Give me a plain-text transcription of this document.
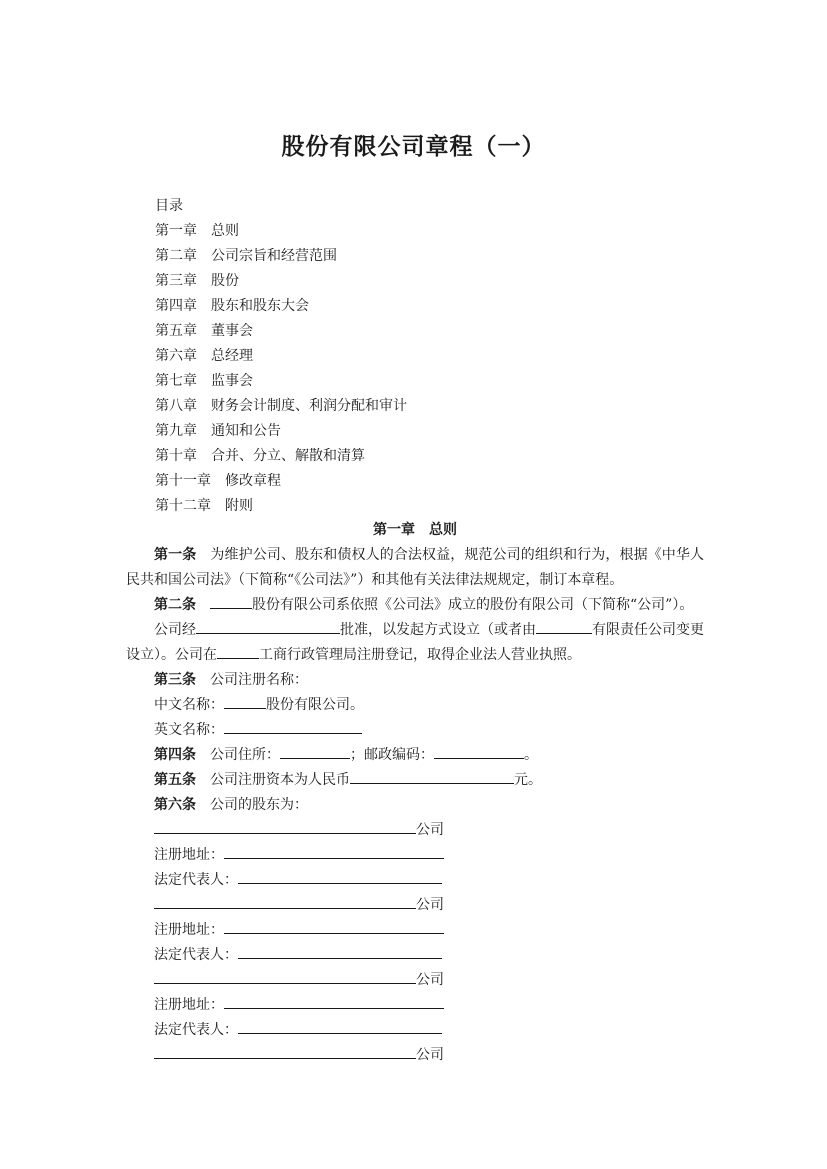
股份有限公司章程（一）
目录
第一章 总则
第二章 公司宗旨和经营范围
第三章 股份
第四章 股东和股东大会
第五章 董事会
第六章 总经理
第七章 监事会
第八章 财务会计制度、利润分配和审计
第九章 通知和公告
第十章 合并、分立、解散和清算
第十一章 修改章程
第十二章 附则
第一章　总则
第一条 为维护公司、股东和债权人的合法权益，规范公司的组织和行为，根据《中华人民共和国公司法》（下简称“《公司法》”）和其他有关法律法规规定，制订本章程。
第二条	股份有限公司系依照《公司法》成立的股份有限公司（下简称“公司”）。
公司经	批准，以发起方式设立（或者由	有限责任公司变更设立）。公司在	工商行政管理局注册登记，取得企业法人营业执照。
第三条 公司注册名称：
中文名称：	股份有限公司。
英文名称：
第四条 公司住所：	；邮政编码：	。
第五条 公司注册资本为人民币	元。
第六条 公司的股东为：
公司
注册地址：
法定代表人：
公司
注册地址：
法定代表人：
公司
注册地址：
法定代表人：
公司
